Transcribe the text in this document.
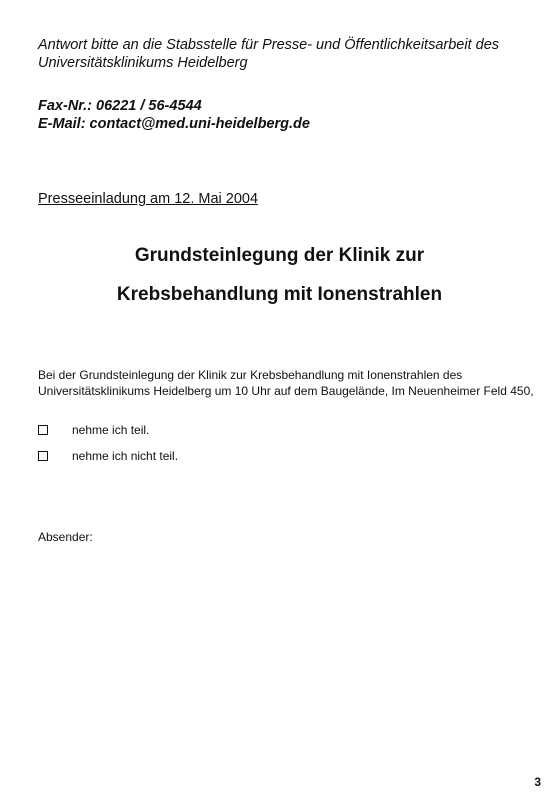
Antwort bitte an die Stabsstelle für Presse- und Öffentlichkeitsarbeit des
Universitätsklinikums Heidelberg
Fax-Nr.: 06221 / 56-4544
E-Mail: contact@med.uni-heidelberg.de
Presseeinladung am 12. Mai 2004
Grundsteinlegung der Klinik zur
Krebsbehandlung mit Ionenstrahlen
Bei der Grundsteinlegung der Klinik zur Krebsbehandlung mit Ionenstrahlen des
Universitätsklinikums Heidelberg um 10 Uhr auf dem Baugelände, Im Neuenheimer Feld 450,
nehme ich teil.
nehme ich nicht teil.
Absender:
3
